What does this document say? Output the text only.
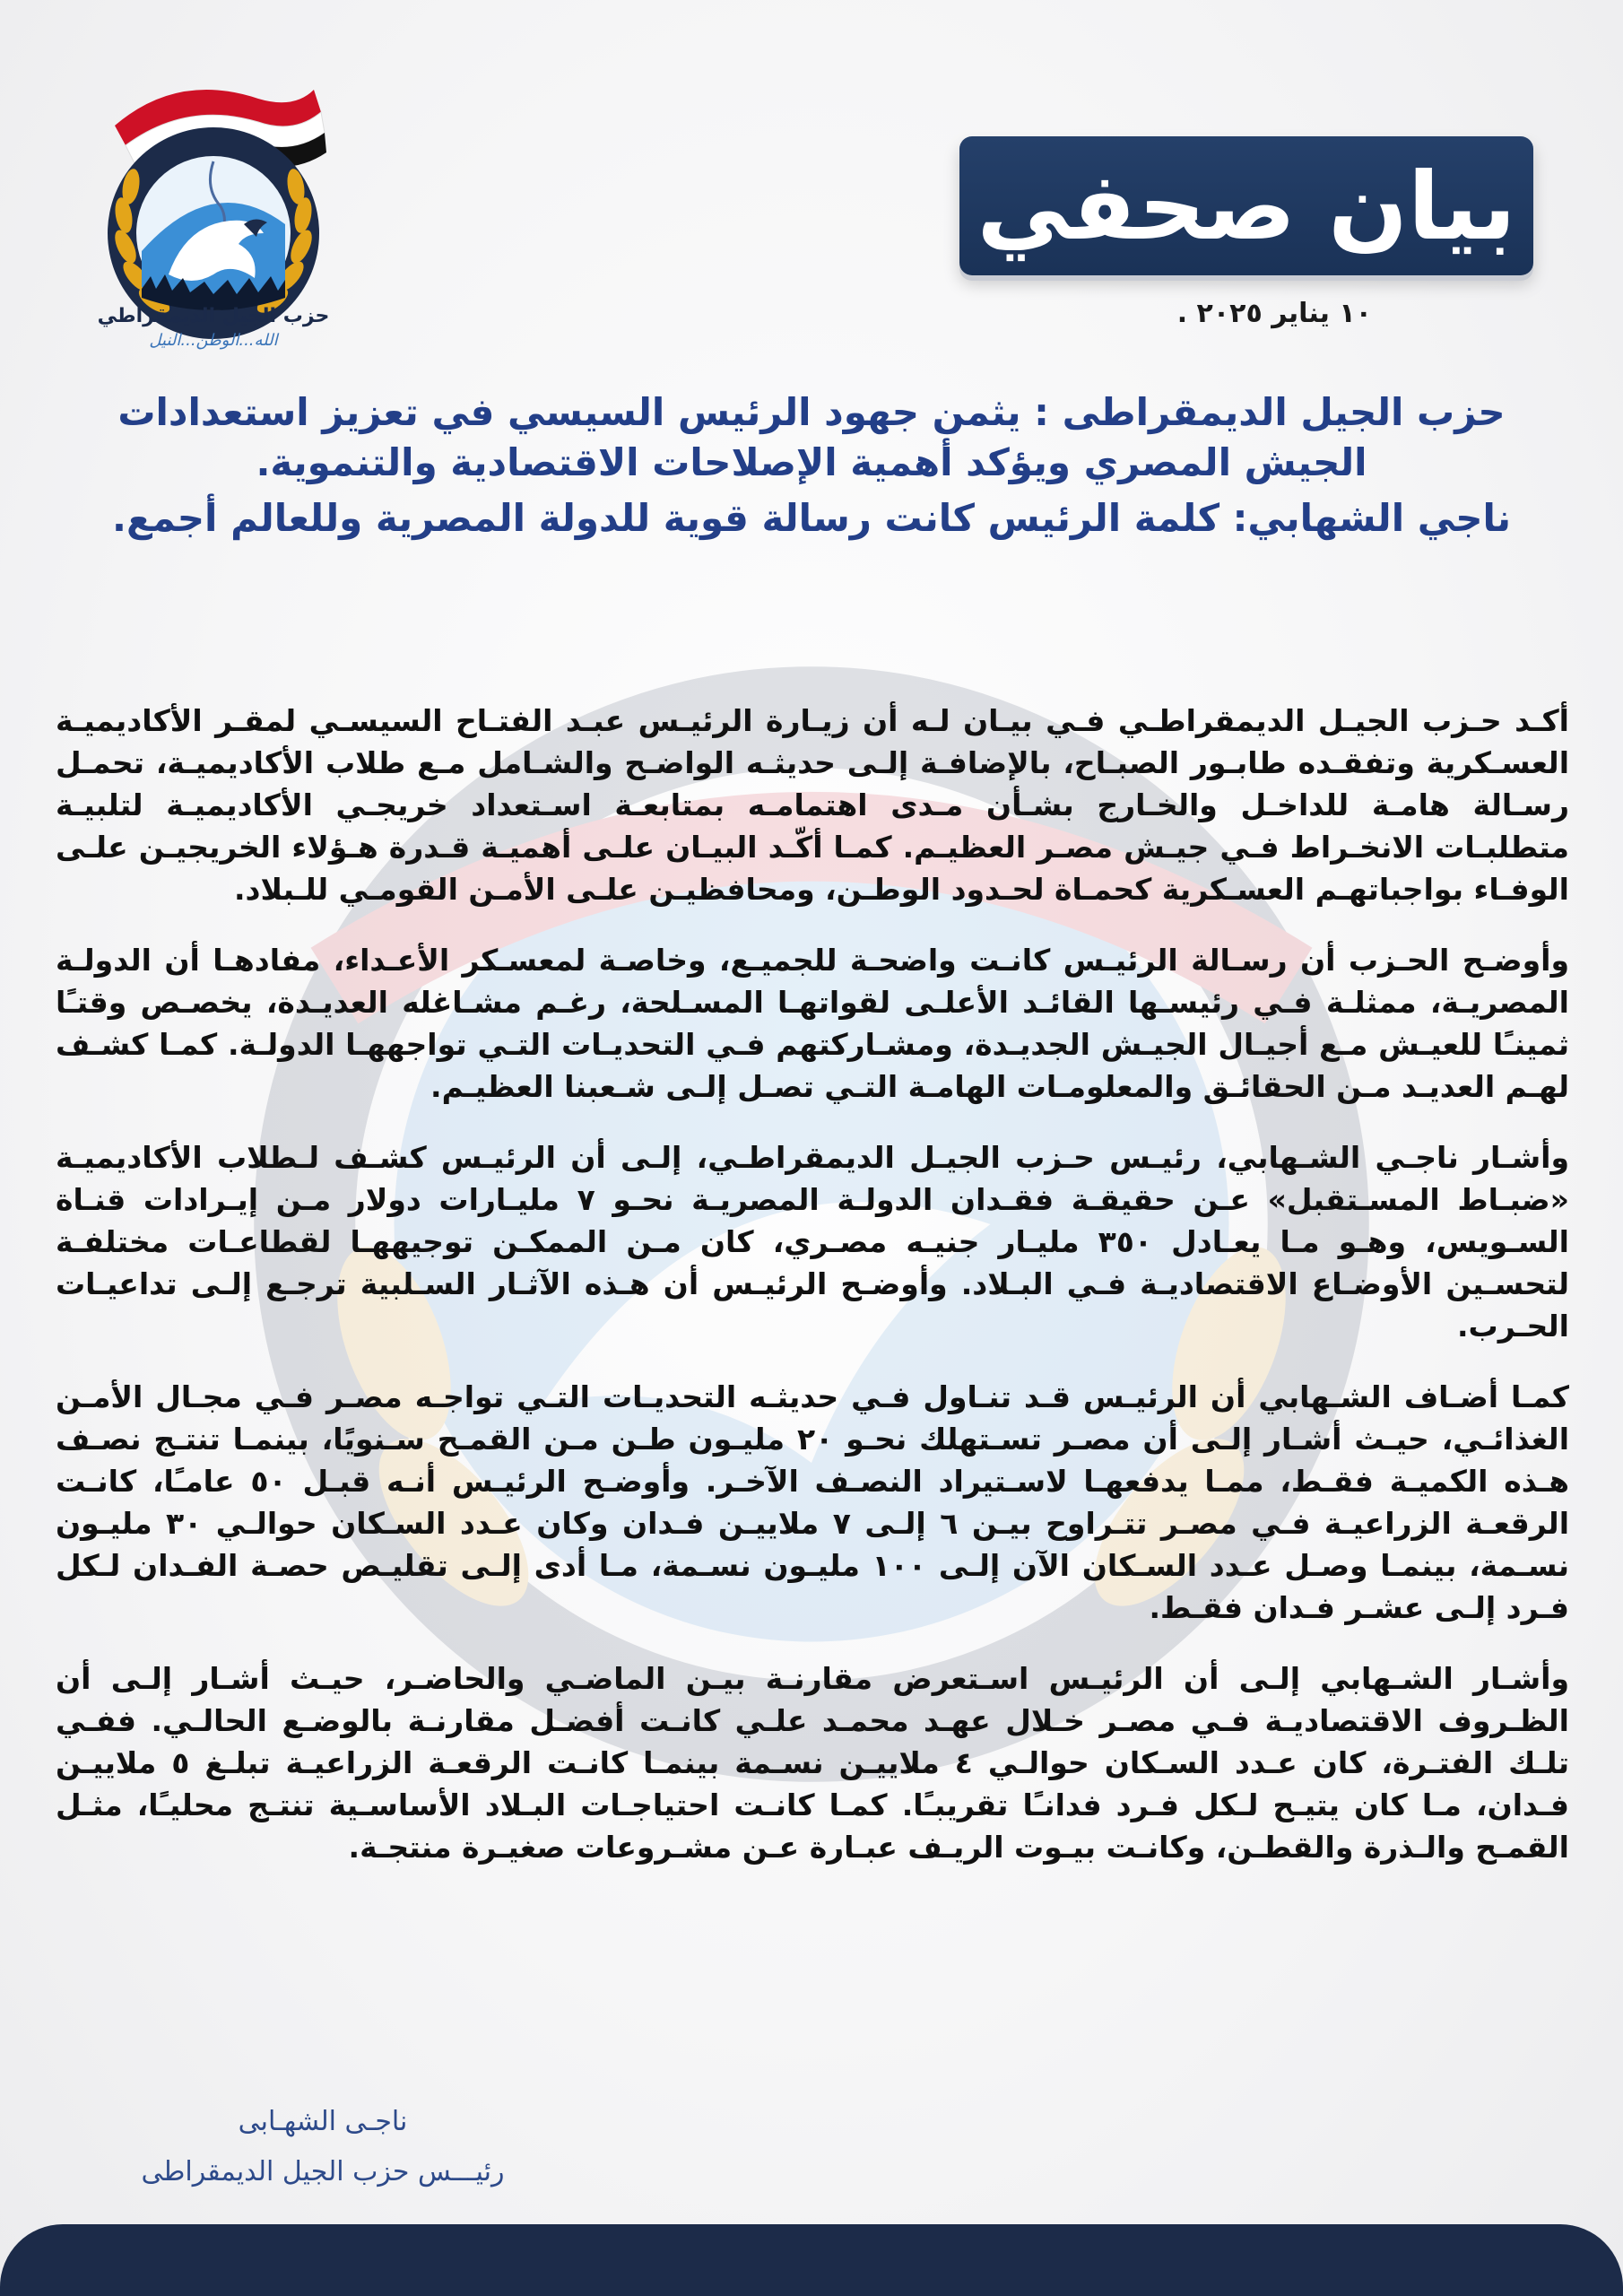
حزب الجيل الديمقراطي
الله...الوطن...النيل
بيان صحفي
١٠ يناير ٢٠٢٥ .
حزب الجيل الديمقراطى : يثمن جهود الرئيس السيسي في تعزيز استعدادات الجيش المصري ويؤكد أهمية الإصلاحات الاقتصادية والتنموية.
ناجي الشهابي: كلمة الرئيس كانت رسالة قوية للدولة المصرية وللعالم أجمع.

أكـد حـزب الجيـل الديمقراطـي فـي بيـان لـه أن زيـارة الرئيـس عبـد الفتـاح السيسـي لمقـر الأكاديميـة العسـكرية وتفقـده طابـور الصبـاح، بالإضافـة إلـى حديثـه الواضـح والشـامل مـع طلاب الأكاديميـة، تحمـل رسـالة هامـة للداخـل والخـارج بشـأن مـدى اهتمامـه بمتابعـة اسـتعداد خريجـي الأكاديميـة لتلبيـة متطلبـات الانخـراط فـي جيـش مصـر العظيـم. كمـا أكّـد البيـان علـى أهميـة قـدرة هـؤلاء الخريجيـن علـى الوفـاء بواجباتهـم العسـكرية كحمـاة لحـدود الوطـن، ومحافظيـن علـى الأمـن القومـي للـبلاد.

وأوضـح الحـزب أن رسـالة الرئيـس كانـت واضحـة للجميـع، وخاصـة لمعسـكر الأعـداء، مفادهـا أن الدولـة المصريـة، ممثلـة فـي رئيسـها القائـد الأعلـى لقواتهـا المسـلحة، رغـم مشـاغله العديـدة، يخصـص وقتـًا ثمينـًا للعيـش مـع أجيـال الجيـش الجديـدة، ومشـاركتهم فـي التحديـات التـي تواجههـا الدولـة. كمـا كشـف لهـم العديـد مـن الحقائـق والمعلومـات الهامـة التـي تصـل إلـى شـعبنا العظيـم.

وأشـار ناجـي الشـهابي، رئيـس حـزب الجيـل الديمقراطـي، إلـى أن الرئيـس كشـف لـطلاب الأكاديميـة «ضبـاط المسـتقبل» عـن حقيقـة فقـدان الدولـة المصريـة نحـو ٧ مليـارات دولار مـن إيـرادات قنـاة السـويس، وهـو مـا يعـادل ٣٥٠ مليـار جنيـه مصـري، كان مـن الممكـن توجيههـا لقطاعـات مختلفـة لتحسـين الأوضـاع الاقتصاديـة فـي البـلاد. وأوضـح الرئيـس أن هـذه الآثـار السـلبية ترجـع إلـى تداعيـات الحـرب.

كمـا أضـاف الشـهابي أن الرئيـس قـد تنـاول فـي حديثـه التحديـات التـي تواجـه مصـر فـي مجـال الأمـن الغذائـي، حيـث أشـار إلـى أن مصـر تسـتهلك نحـو ٢٠ مليـون طـن مـن القمـح سـنويًا، بينمـا تنتـج نصـف هـذه الكميـة فقـط، ممـا يدفعهـا لاسـتيراد النصـف الآخـر. وأوضـح الرئيـس أنـه قبـل ٥٠ عامـًا، كانـت الرقعـة الزراعيـة فـي مصـر تتـراوح بيـن ٦ إلـى ٧ ملاييـن فـدان وكان عـدد السـكان حوالـي ٣٠ مليـون نسـمة، بينمـا وصـل عـدد السـكان الآن إلـى ١٠٠ مليـون نسـمة، مـا أدى إلـى تقليـص حصـة الفـدان لـكل فـرد إلـى عشـر فـدان فقـط.

وأشـار الشـهابي إلـى أن الرئيـس اسـتعرض مقارنـة بيـن الماضـي والحاضـر، حيـث أشـار إلـى أن الظـروف الاقتصاديـة فـي مصـر خـلال عهـد محمـد علـي كانـت أفضـل مقارنـة بالوضـع الحالـي. ففـي تلـك الفتـرة، كان عـدد السـكان حوالـي ٤ ملاييـن نسـمة بينمـا كانـت الرقعـة الزراعيـة تبلـغ ٥ ملاييـن فـدان، مـا كان يتيـح لـكل فـرد فدانـًا تقريبـًا. كمـا كانـت احتياجـات البـلاد الأساسـية تنتـج محليـًا، مثـل القمـح والـذرة والقطـن، وكانـت بيـوت الريـف عبـارة عـن مشـروعات صغيـرة منتجـة.

ناجـى الشهـابى
رئيـــس حزب الجيل الديمقراطى
